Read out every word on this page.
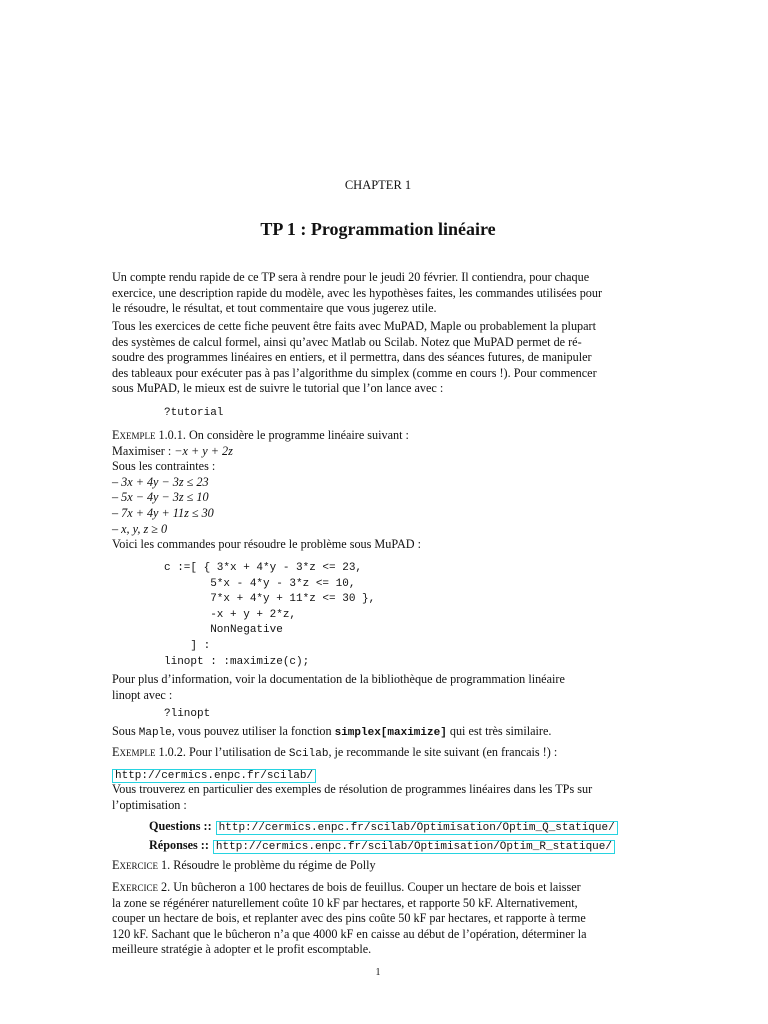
CHAPTER 1
TP 1 : Programmation linéaire

Un compte rendu rapide de ce TP sera à rendre pour le jeudi 20 février. Il contiendra, pour chaque

exercice, une description rapide du modèle, avec les hypothèses faites, les commandes utilisées pour

le résoudre, le résultat, et tout commentaire que vous jugerez utile.

Tous les exercices de cette fiche peuvent être faits avec MuPAD, Maple ou probablement la plupart

des systèmes de calcul formel, ainsi qu’avec Matlab ou Scilab. Notez que MuPAD permet de ré-

soudre des programmes linéaires en entiers, et il permettra, dans des séances futures, de manipuler

des tableaux pour exécuter pas à pas l’algorithme du simplex (comme en cours !). Pour commencer

sous MuPAD, le mieux est de suivre le tutorial que l’on lance avec :

?tutorial

Exemple 1.0.1. On considère le programme linéaire suivant :

Maximiser : −x + y + 2z

Sous les contraintes :

– 3x + 4y − 3z ≤ 23

– 5x − 4y − 3z ≤ 10

– 7x + 4y + 11z ≤ 30

– x, y, z ≥ 0

Voici les commandes pour résoudre le problème sous MuPAD :

c :=[ { 3*x + 4*y - 3*z <= 23,

5*x - 4*y - 3*z <= 10,

7*x + 4*y + 11*z <= 30 },

-x + y + 2*z,

NonNegative

] :

linopt : :maximize(c);

Pour plus d’information, voir la documentation de la bibliothèque de programmation linéaire

linopt avec :

?linopt

Sous Maple, vous pouvez utiliser la fonction simplex[maximize] qui est très similaire.

Exemple 1.0.2. Pour l’utilisation de Scilab, je recommande le site suivant (en francais !) :

http://cermics.enpc.fr/scilab/

Vous trouverez en particulier des exemples de résolution de programmes linéaires dans les TPs sur

l’optimisation :

Questions :: http://cermics.enpc.fr/scilab/Optimisation/Optim_Q_statique/
Réponses :: http://cermics.enpc.fr/scilab/Optimisation/Optim_R_statique/

Exercice 1. Résoudre le problème du régime de Polly

Exercice 2. Un bûcheron a 100 hectares de bois de feuillus. Couper un hectare de bois et laisser

la zone se régénérer naturellement coûte 10 kF par hectares, et rapporte 50 kF. Alternativement,

couper un hectare de bois, et replanter avec des pins coûte 50 kF par hectares, et rapporte à terme

120 kF. Sachant que le bûcheron n’a que 4000 kF en caisse au début de l’opération, déterminer la

meilleure stratégie à adopter et le profit escomptable.

1
